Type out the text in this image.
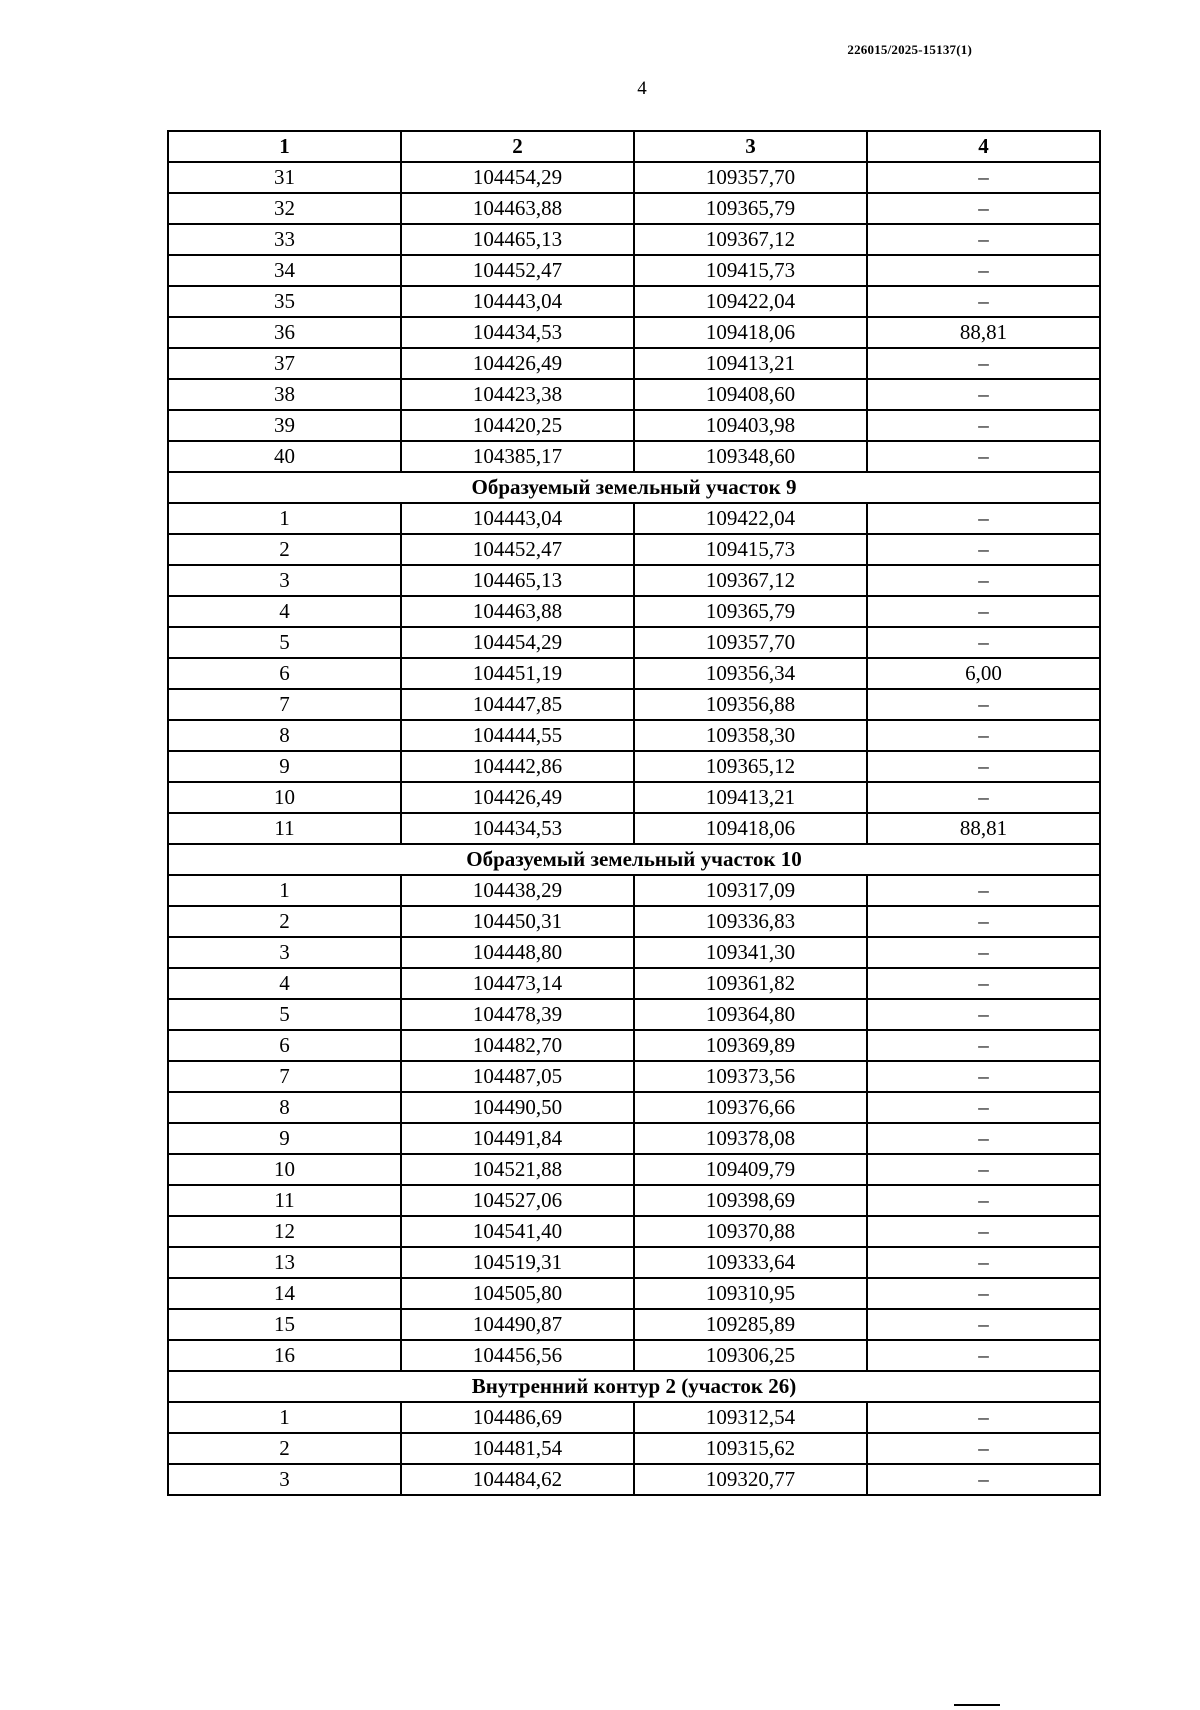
226015/2025-15137(1)
4
1	2	3	4
31	104454,29	109357,70	–
32	104463,88	109365,79	–
33	104465,13	109367,12	–
34	104452,47	109415,73	–
35	104443,04	109422,04	–
36	104434,53	109418,06	88,81
37	104426,49	109413,21	–
38	104423,38	109408,60	–
39	104420,25	109403,98	–
40	104385,17	109348,60	–
Образуемый земельный участок 9			
1	104443,04	109422,04	–
2	104452,47	109415,73	–
3	104465,13	109367,12	–
4	104463,88	109365,79	–
5	104454,29	109357,70	–
6	104451,19	109356,34	6,00
7	104447,85	109356,88	–
8	104444,55	109358,30	–
9	104442,86	109365,12	–
10	104426,49	109413,21	–
11	104434,53	109418,06	88,81
Образуемый земельный участок 10			
1	104438,29	109317,09	–
2	104450,31	109336,83	–
3	104448,80	109341,30	–
4	104473,14	109361,82	–
5	104478,39	109364,80	–
6	104482,70	109369,89	–
7	104487,05	109373,56	–
8	104490,50	109376,66	–
9	104491,84	109378,08	–
10	104521,88	109409,79	–
11	104527,06	109398,69	–
12	104541,40	109370,88	–
13	104519,31	109333,64	–
14	104505,80	109310,95	–
15	104490,87	109285,89	–
16	104456,56	109306,25	–
Внутренний контур 2 (участок 26)			
1	104486,69	109312,54	–
2	104481,54	109315,62	–
3	104484,62	109320,77	–
